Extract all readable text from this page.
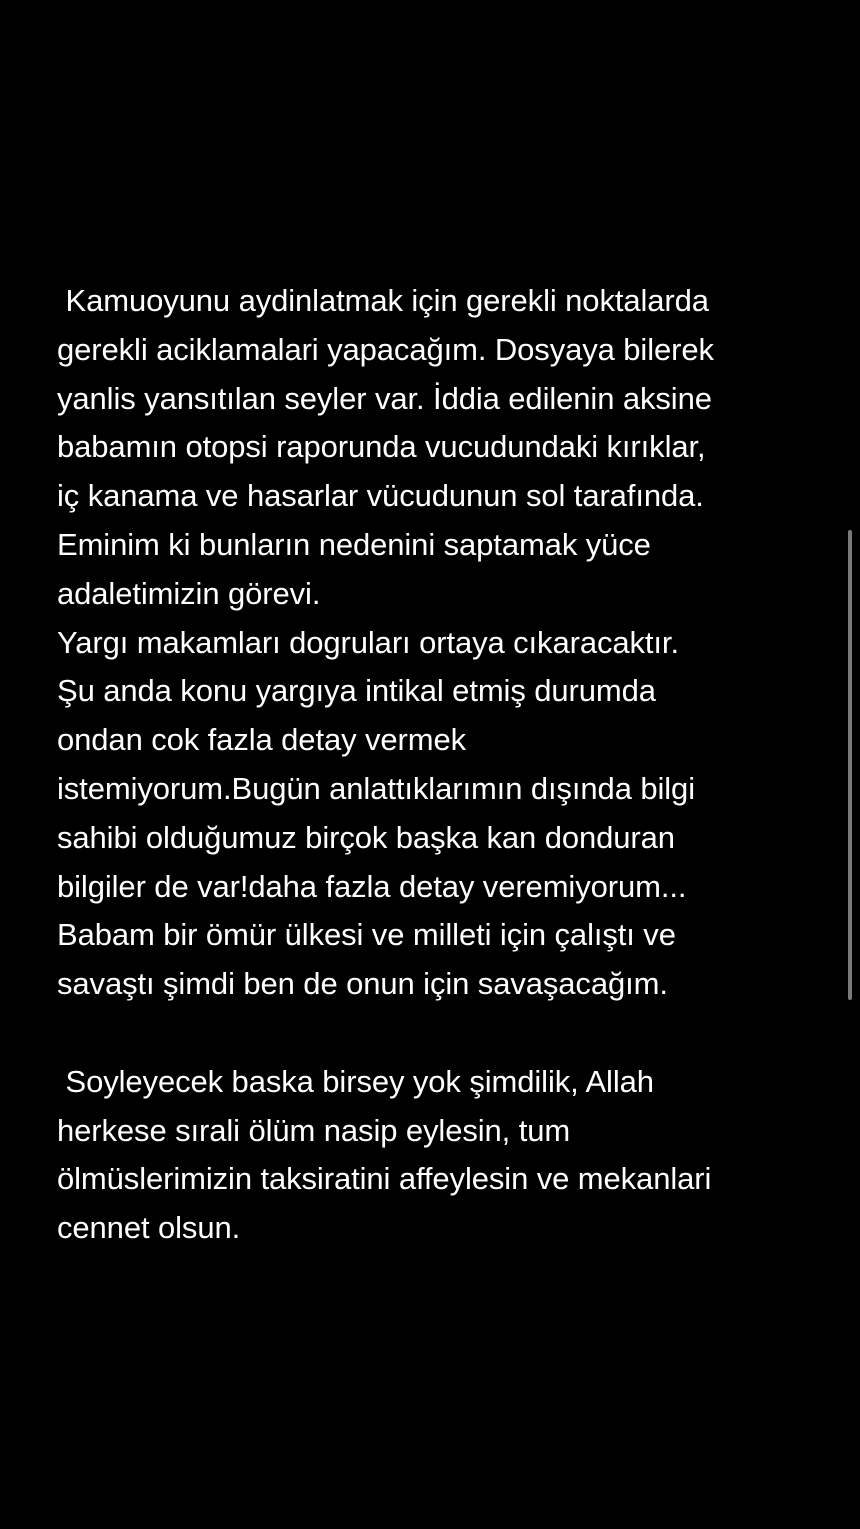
Kamuoyunu aydinlatmak için gerekli noktalarda
gerekli aciklamalari yapacağım. Dosyaya bilerek
yanlis yansıtılan seyler var. İddia edilenin aksine
babamın otopsi raporunda vucudundaki kırıklar,
iç kanama ve hasarlar vücudunun sol tarafında.
Eminim ki bunların nedenini saptamak yüce
adaletimizin görevi.
Yargı makamları dogruları ortaya cıkaracaktır.
Şu anda konu yargıya intikal etmiş durumda
ondan cok fazla detay vermek
istemiyorum.Bugün anlattıklarımın dışında bilgi
sahibi olduğumuz birçok başka kan donduran
bilgiler de var!daha fazla detay veremiyorum...
Babam bir ömür ülkesi ve milleti için çalıştı ve
savaştı şimdi ben de onun için savaşacağım.
Soyleyecek baska birsey yok şimdilik, Allah
herkese sırali ölüm nasip eylesin, tum
ölmüslerimizin taksiratini affeylesin ve mekanlari
cennet olsun.
